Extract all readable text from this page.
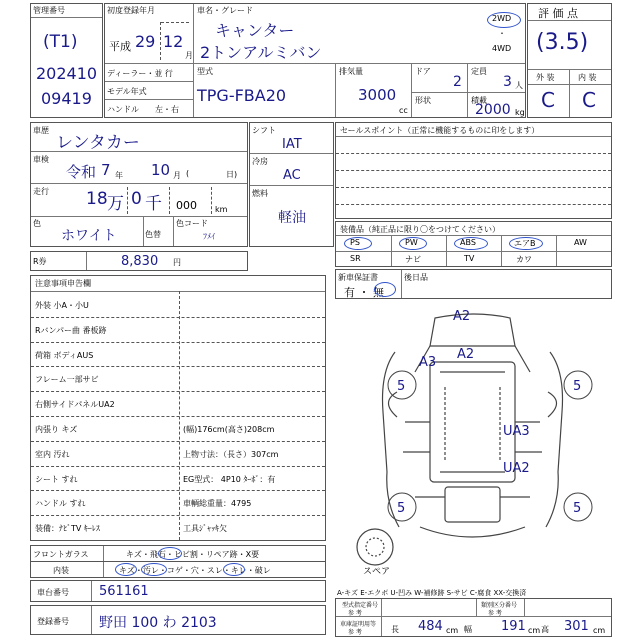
管理番号
(T1)
202410
09419
初度登録年月
平成 29 12
月
車名・グレード
キャンター
2トンアルミバン
2WD
・
4WD
ディーラー・並 行
モデル年式
ハンドル 左・右
型式
TPG-FBA20
排気量
3000
cc
ドア
2
定員
3 人
形状	積載
2000 kg
評 価 点
(3.5)
外 装	内 装
C C
車歴
レンタカー
車検
令和 7 年 10 月 (	日)
走行 18 万 0 千 000 km
色
ホワイト	色替
色コード
ﾌﾒｲ
シフト
IAT
冷房
AC
燃料
軽油
セールスポイント（正常に機能するものに印をします）
装備品（純正品に限り〇をつけてください）
PS	PW	ABS	エアB	AW
SR	ナビ	TV	カワ
R券	8,830 円
新車保証書
有 ・ 無
後日品
注意事項申告欄
外装 小A・小U
Rバンパー曲 番板跡
荷箱 ボディAUS
フレーム一部サビ
右側サイドパネルUA2
内張り キズ	(幅)176cm(高さ)208cm
室内 汚れ	上物寸法：（長さ）307cm
シート すれ	EG型式： 4P10 ﾀｰﾎﾞ：有
ハンドル すれ	車輌総重量：4795
装備：ﾅﾋﾞTV ｷｰﾚｽ	工具ｼﾞｬｯｷ欠
フロントガラス	キズ・飛石・ヒビ割・リペア跡・X要
内装	キズ・汚レ・コゲ・穴・スレ・キレ・破レ
A2
A2
A3
5	5
5	5
UA3
UA2
スペア
A-キズ E-エクボ U-凹み W-補修跡 S-サビ C-腐食 XX-交換済
車台番号 561161
登録番号 野田 100 わ 2103
型式指定番号
参 考
類別区分番号
参 考
車庫証明用等
参 考	長 484 cm 幅 191 cm 高 301 cm
